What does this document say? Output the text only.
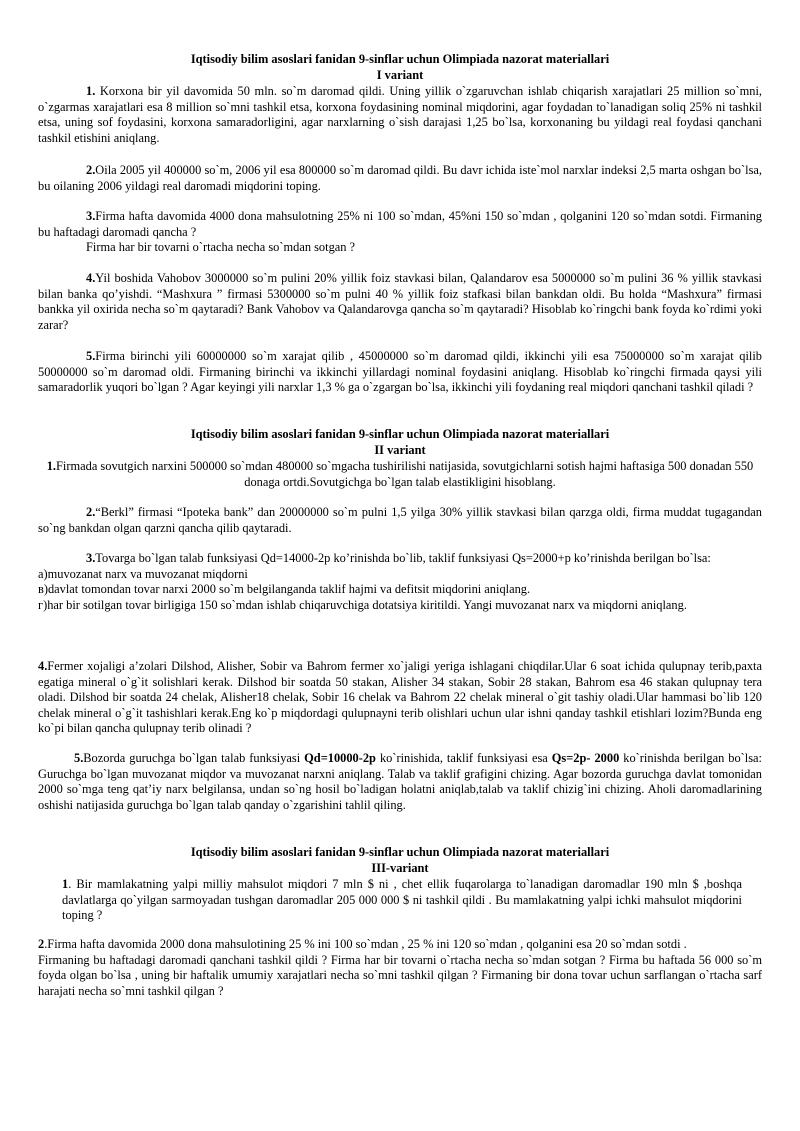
Iqtisodiy bilim asoslari fanidan 9-sinflar uchun Olimpiada nazorat materiallari
I variant

1. Korxona bir yil davomida 50 mln. so`m daromad qildi. Uning yillik o`zgaruvchan ishlab chiqarish xarajatlari 25 million so`mni, o`zgarmas xarajatlari esa 8 million so`mni tashkil etsa, korxona foydasining nominal miqdorini, agar foydadan to`lanadigan soliq 25% ni tashkil etsa, uning sof foydasini, korxona samaradorligini, agar narxlarning o`sish darajasi 1,25 bo`lsa, korxonaning bu yildagi real foydasi qanchani tashkil etishini aniqlang.

2.Oila 2005 yil 400000 so`m, 2006 yil esa 800000 so`m daromad qildi. Bu davr ichida iste`mol narxlar indeksi 2,5 marta oshgan bo`lsa, bu oilaning 2006 yildagi real daromadi miqdorini toping.

3.Firma hafta davomida 4000 dona mahsulotning 25% ni 100 so`mdan, 45%ni 150 so`mdan , qolganini 120 so`mdan sotdi. Firmaning bu haftadagi daromadi qancha ?

Firma har bir tovarni o`rtacha necha so`mdan sotgan ?

4.Yil boshida Vahobov 3000000 so`m pulini 20% yillik foiz stavkasi bilan, Qalandarov esa 5000000 so`m pulini 36 % yillik stavkasi bilan banka qo’yishdi. “Mashxura ” firmasi 5300000 so`m pulni 40 % yillik foiz stafkasi bilan bankdan oldi. Bu holda “Mashxura” firmasi bankka yil oxirida necha so`m qaytaradi? Bank Vahobov va Qalandarovga qancha so`m qaytaradi? Hisoblab ko`ringchi bank foyda ko`rdimi yoki zarar?

5.Firma birinchi yili 60000000 so`m xarajat qilib , 45000000 so`m daromad qildi, ikkinchi yili esa 75000000 so`m xarajat qilib 50000000 so`m daromad oldi. Firmaning birinchi va ikkinchi yillardagi nominal foydasini aniqlang. Hisoblab ko`ringchi firmada qaysi yili samaradorlik yuqori bo`lgan ? Agar keyingi yili narxlar 1,3 % ga o`zgargan bo`lsa, ikkinchi yili foydaning real miqdori qanchani tashkil qiladi ?

Iqtisodiy bilim asoslari fanidan 9-sinflar uchun Olimpiada nazorat materiallari
II variant

1.Firmada sovutgich narxini 500000 so`mdan 480000 so`mgacha tushirilishi natijasida, sovutgichlarni sotish hajmi haftasiga 500 donadan 550 donaga ortdi.Sovutgichga bo`lgan talab elastikligini hisoblang.

2.“Berkl” firmasi “Ipoteka bank” dan 20000000 so`m pulni 1,5 yilga 30% yillik stavkasi bilan qarzga oldi, firma muddat tugagandan so`ng bankdan olgan qarzni qancha qilib qaytaradi.

3.Tovarga bo`lgan talab funksiyasi Qd=14000-2p ko’rinishda bo`lib, taklif funksiyasi Qs=2000+p ko’rinishda berilgan bo`lsa:

a)muvozanat narx va muvozanat miqdorni

в)davlat tomondan tovar narxi 2000 so`m belgilanganda taklif hajmi va defitsit miqdorini aniqlang.

г)har bir sotilgan tovar birligiga 150 so`mdan ishlab chiqaruvchiga dotatsiya kiritildi. Yangi muvozanat narx va miqdorni aniqlang.

4.Fermer xojaligi a’zolari Dilshod, Alisher, Sobir va Bahrom fermer xo`jaligi yeriga ishlagani chiqdilar.Ular 6 soat ichida qulupnay terib,paxta egatiga mineral o`g`it solishlari kerak. Dilshod bir soatda 50 stakan, Alisher 34 stakan, Sobir 28 stakan, Bahrom esa 46 stakan qulupnay tera oladi. Dilshod bir soatda 24 chelak, Alisher18 chelak, Sobir 16 chelak va Bahrom 22 chelak mineral o`git tashiy oladi.Ular hammasi bo`lib 120 chelak mineral o`g`it tashishlari kerak.Eng ko`p miqdordagi qulupnayni terib olishlari uchun ular ishni qanday tashkil etishlari lozim?Bunda eng ko`pi bilan qancha qulupnay terib olinadi ?

5.Bozorda guruchga bo`lgan talab funksiyasi Qd=10000-2p ko`rinishida, taklif funksiyasi esa Qs=2p- 2000 ko`rinishda berilgan bo`lsa: Guruchga bo`lgan muvozanat miqdor va muvozanat narxni aniqlang. Talab va taklif grafigini chizing. Agar bozorda guruchga davlat tomonidan 2000 so`mga teng qat’iy narx belgilansa, undan so`ng hosil bo`ladigan holatni aniqlab,talab va taklif chizig`ini chizing. Aholi daromadlarining oshishi natijasida guruchga bo`lgan talab qanday o`zgarishini tahlil qiling.

Iqtisodiy bilim asoslari fanidan 9-sinflar uchun Olimpiada nazorat materiallari
III-variant

1. Bir mamlakatning yalpi milliy mahsulot miqdori 7 mln $ ni , chet ellik fuqarolarga to`lanadigan daromadlar 190 mln $ ,boshqa davlatlarga qo`yilgan sarmoyadan tushgan daromadlar 205 000 000 $ ni tashkil qildi . Bu mamlakatning yalpi ichki mahsulot miqdorini toping ?

2.Firma hafta davomida 2000 dona mahsulotining 25 % ini 100 so`mdan , 25 % ini 120 so`mdan , qolganini esa 20 so`mdan sotdi .

Firmaning bu haftadagi daromadi qanchani tashkil qildi ? Firma har bir tovarni o`rtacha necha so`mdan sotgan ? Firma bu haftada 56 000 so`m foyda olgan bo`lsa , uning bir haftalik umumiy xarajatlari necha so`mni tashkil qilgan ? Firmaning bir dona tovar uchun sarflangan o`rtacha sarf harajati necha so`mni tashkil qilgan ?
